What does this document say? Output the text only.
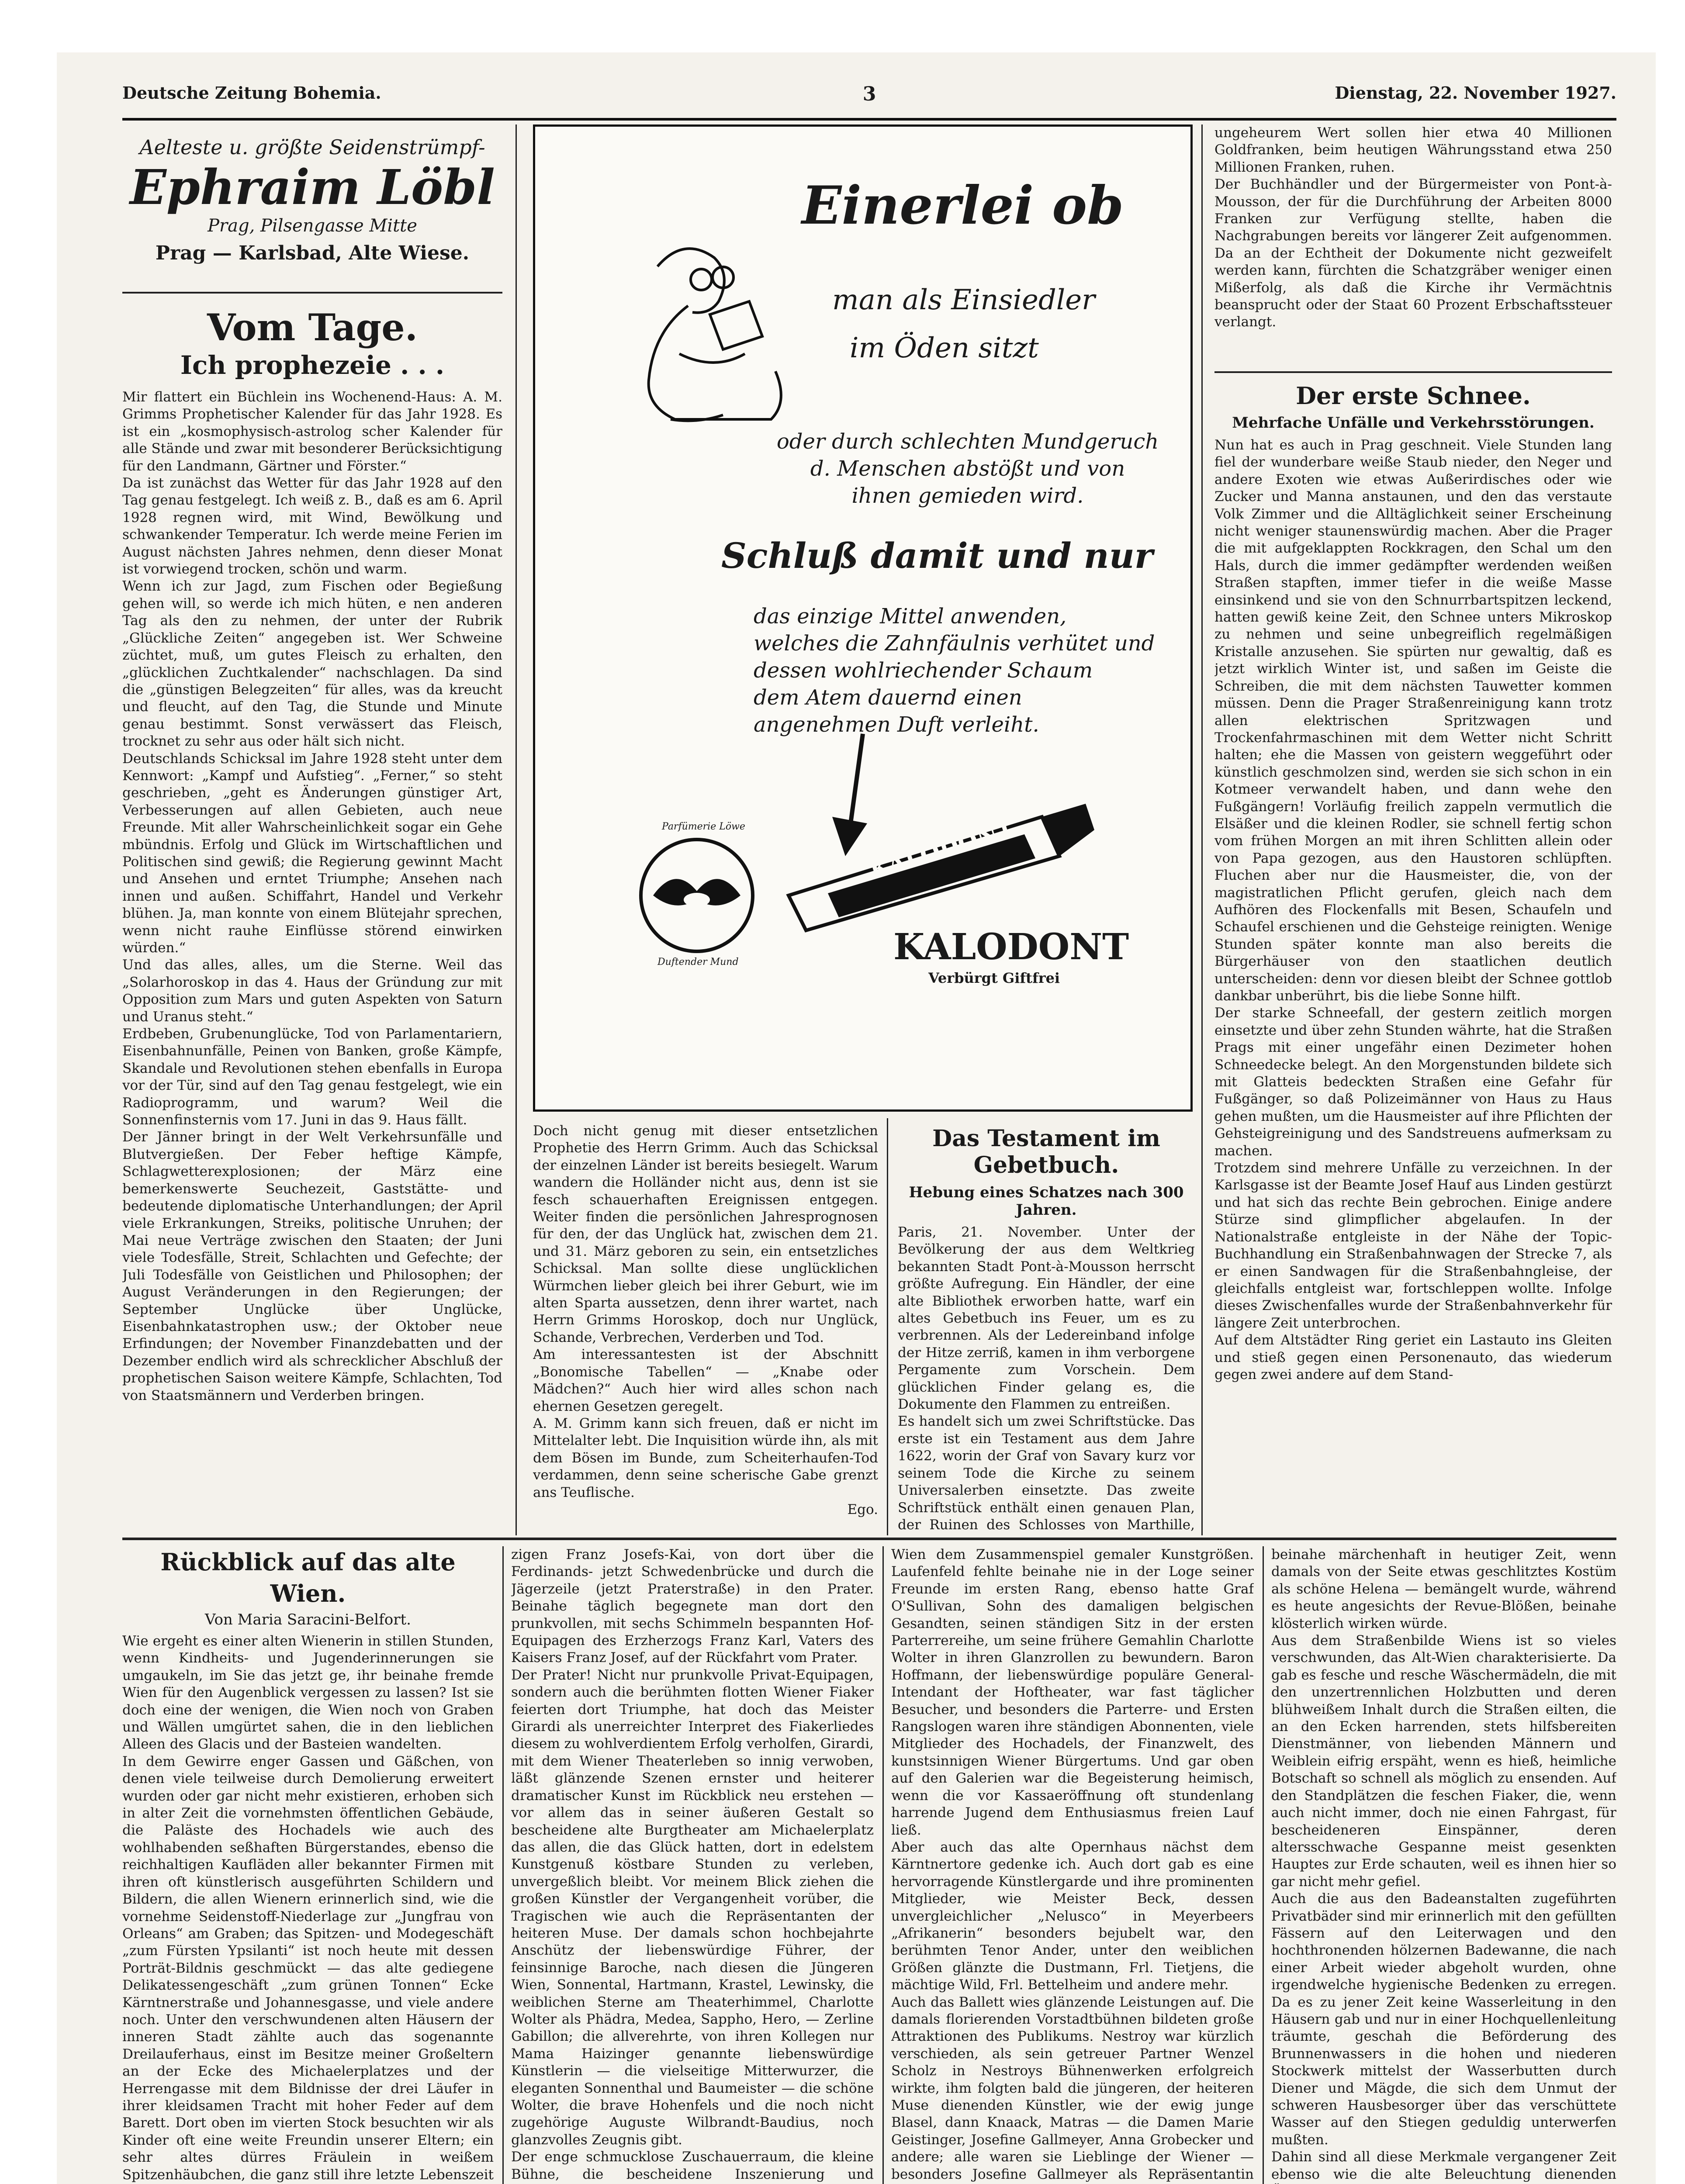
Deutsche Zeitung Bohemia.	3	Dienstag, 22. November 1927.
Aelteste u. größte Seidenstrümpf-
Ephraim Löbl
Prag, Pilsengasse Mitte
Prag — Karlsbad, Alte Wiese.

Vom Tage.

Ich prophezeie . . .

Mir flattert ein Büchlein ins Wochenend-Haus: A. M. Grimms Prophetischer Kalender für das Jahr 1928. Es ist ein „kosmophysisch-astrolog scher Kalender für alle Stände und zwar mit besonderer Berücksichtigung für den Landmann, Gärtner und Förster.“
Da ist zunächst das Wetter für das Jahr 1928 auf den Tag genau festgelegt. Ich weiß z. B., daß es am 6. April 1928 regnen wird, mit Wind, Bewölkung und schwankender Temperatur. Ich werde meine Ferien im August nächsten Jahres nehmen, denn dieser Monat ist vorwiegend trocken, schön und warm.
Wenn ich zur Jagd, zum Fischen oder Begießung gehen will, so werde ich mich hüten, e nen anderen Tag als den zu nehmen, der unter der Rubrik „Glückliche Zeiten“ angegeben ist. Wer Schweine züchtet, muß, um gutes Fleisch zu erhalten, den „glücklichen Zuchtkalender“ nachschlagen. Da sind die „günstigen Belegzeiten“ für alles, was da kreucht und fleucht, auf den Tag, die Stunde und Minute genau bestimmt. Sonst verwässert das Fleisch, trocknet zu sehr aus oder hält sich nicht.
Deutschlands Schicksal im Jahre 1928 steht unter dem Kennwort: „Kampf und Aufstieg“. „Ferner,“ so steht geschrieben, „geht es Änderungen günstiger Art, Verbesserungen auf allen Gebieten, auch neue Freunde. Mit aller Wahrscheinlichkeit sogar ein Gehe mbündnis. Erfolg und Glück im Wirtschaftlichen und Politischen sind gewiß; die Regierung gewinnt Macht und Ansehen und erntet Triumphe; Ansehen nach innen und außen. Schiffahrt, Handel und Verkehr blühen. Ja, man konnte von einem Blütejahr sprechen, wenn nicht rauhe Einflüsse störend einwirken würden.“
Und das alles, alles, um die Sterne. Weil das „Solarhoroskop in das 4. Haus der Gründung zur mit Opposition zum Mars und guten Aspekten von Saturn und Uranus steht.“
Erdbeben, Grubenunglücke, Tod von Parlamentariern, Eisenbahnunfälle, Peinen von Banken, große Kämpfe, Skandale und Revolutionen stehen ebenfalls in Europa vor der Tür, sind auf den Tag genau festgelegt, wie ein Radioprogramm, und warum? Weil die Sonnenfinsternis vom 17. Juni in das 9. Haus fällt.
Der Jänner bringt in der Welt Verkehrsunfälle und Blutvergießen. Der Feber heftige Kämpfe, Schlagwetterexplosionen; der März eine bemerkenswerte Seuchezeit, Gaststätte- und bedeutende diplomatische Unterhandlungen; der April viele Erkrankungen, Streiks, politische Unruhen; der Mai neue Verträge zwischen den Staaten; der Juni viele Todesfälle, Streit, Schlachten und Gefechte; der Juli Todesfälle von Geistlichen und Philosophen; der August Veränderungen in den Regierungen; der September Unglücke über Unglücke, Eisenbahnkatastrophen usw.; der Oktober neue Erfindungen; der November Finanzdebatten und der Dezember endlich wird als schrecklicher Abschluß der prophetischen Saison weitere Kämpfe, Schlachten, Tod von Staatsmännern und Verderben bringen.

Einerlei ob
man als Einsiedler
im Öden sitzt
oder durch schlechten Mundgeruch
d. Menschen abstößt und von
ihnen gemieden wird.
Schluß damit und nur
das einzige Mittel anwenden, welches die Zahnfäulnis verhütet und
dessen wohlriechender Schaum
dem Atem dauernd einen angenehmen Duft verleiht.
Parfümerie Löwe
Duftender Mund
KALODONT
KALODONT
Verbürgt Giftfrei

Doch nicht genug mit dieser entsetzlichen Prophetie des Herrn Grimm. Auch das Schicksal der einzelnen Länder ist bereits besiegelt. Warum wandern die Holländer nicht aus, denn ist sie fesch schauerhaften Ereignissen entgegen. Weiter finden die persönlichen Jahresprognosen für den, der das Unglück hat, zwischen dem 21. und 31. März geboren zu sein, ein entsetzliches Schicksal. Man sollte diese unglücklichen Würmchen lieber gleich bei ihrer Geburt, wie im alten Sparta aussetzen, denn ihrer wartet, nach Herrn Grimms Horoskop, doch nur Unglück, Schande, Verbrechen, Verderben und Tod.
Am interessantesten ist der Abschnitt „Bonomische Tabellen“ — „Knabe oder Mädchen?“ Auch hier wird alles schon nach ehernen Gesetzen geregelt.
A. M. Grimm kann sich freuen, daß er nicht im Mittelalter lebt. Die Inquisition würde ihn, als mit dem Bösen im Bunde, zum Scheiterhaufen-Tod verdammen, denn seine scherische Gabe grenzt ans Teuflische.

Ego.

Das Testament im Gebetbuch.

Hebung eines Schatzes nach 300 Jahren.

Paris, 21. November. Unter der Bevölkerung der aus dem Weltkrieg bekannten Stadt Pont-à-Mousson herrscht größte Aufregung. Ein Händler, der eine alte Bibliothek erworben hatte, warf ein altes Gebetbuch ins Feuer, um es zu verbrennen. Als der Ledereinband infolge der Hitze zerriß, kamen in ihm verborgene Pergamente zum Vorschein. Dem glücklichen Finder gelang es, die Dokumente den Flammen zu entreißen.
Es handelt sich um zwei Schriftstücke. Das erste ist ein Testament aus dem Jahre 1622, worin der Graf von Savary kurz vor seinem Tode die Kirche zu seinem Universalerben einsetzte. Das zweite Schriftstück enthält einen genauen Plan, der Ruinen des Schlosses von Marthille,

ungeheurem Wert sollen hier etwa 40 Millionen Goldfranken, beim heutigen Währungsstand etwa 250 Millionen Franken, ruhen.
Der Buchhändler und der Bürgermeister von Pont-à-Mousson, der für die Durchführung der Arbeiten 8000 Franken zur Verfügung stellte, haben die Nachgrabungen bereits vor längerer Zeit aufgenommen. Da an der Echtheit der Dokumente nicht gezweifelt werden kann, fürchten die Schatzgräber weniger einen Mißerfolg, als daß die Kirche ihr Vermächtnis beansprucht oder der Staat 60 Prozent Erbschaftssteuer verlangt.

Der erste Schnee.

Mehrfache Unfälle und Verkehrsstörungen.

Nun hat es auch in Prag geschneit. Viele Stunden lang fiel der wunderbare weiße Staub nieder, den Neger und andere Exoten wie etwas Außerirdisches oder wie Zucker und Manna anstaunen, und den das verstaute Volk Zimmer und die Alltäglichkeit seiner Erscheinung nicht weniger staunenswürdig machen. Aber die Prager die mit aufgeklappten Rockkragen, den Schal um den Hals, durch die immer gedämpfter werdenden weißen Straßen stapften, immer tiefer in die weiße Masse einsinkend und sie von den Schnurrbartspitzen leckend, hatten gewiß keine Zeit, den Schnee unters Mikroskop zu nehmen und seine unbegreiflich regelmäßigen Kristalle anzusehen. Sie spürten nur gewaltig, daß es jetzt wirklich Winter ist, und saßen im Geiste die Schreiben, die mit dem nächsten Tauwetter kommen müssen. Denn die Prager Straßenreinigung kann trotz allen elektrischen Spritzwagen und Trockenfahrmaschinen mit dem Wetter nicht Schritt halten; ehe die Massen von geistern weggeführt oder künstlich geschmolzen sind, werden sie sich schon in ein Kotmeer verwandelt haben, und dann wehe den Fußgängern! Vorläufig freilich zappeln vermutlich die Elsäßer und die kleinen Rodler, sie schnell fertig schon vom frühen Morgen an mit ihren Schlitten allein oder von Papa gezogen, aus den Haustoren schlüpften. Fluchen aber nur die Hausmeister, die, von der magistratlichen Pflicht gerufen, gleich nach dem Aufhören des Flockenfalls mit Besen, Schaufeln und Schaufel erschienen und die Gehsteige reinigten. Wenige Stunden später konnte man also bereits die Bürgerhäuser von den staatlichen deutlich unterscheiden: denn vor diesen bleibt der Schnee gottlob dankbar unberührt, bis die liebe Sonne hilft.
Der starke Schneefall, der gestern zeitlich morgen einsetzte und über zehn Stunden währte, hat die Straßen Prags mit einer ungefähr einen Dezimeter hohen Schneedecke belegt. An den Morgenstunden bildete sich mit Glatteis bedeckten Straßen eine Gefahr für Fußgänger, so daß Polizeimänner von Haus zu Haus gehen mußten, um die Hausmeister auf ihre Pflichten der Gehsteigreinigung und des Sandstreuens aufmerksam zu machen.
Trotzdem sind mehrere Unfälle zu verzeichnen. In der Karlsgasse ist der Beamte Josef Hauf aus Linden gestürzt und hat sich das rechte Bein gebrochen. Einige andere Stürze sind glimpflicher abgelaufen. In der Nationalstraße entgleiste in der Nähe der Topic-Buchhandlung ein Straßenbahnwagen der Strecke 7, als er einen Sandwagen für die Straßenbahngleise, der gleichfalls entgleist war, fortschleppen wollte. Infolge dieses Zwischenfalles wurde der Straßenbahnverkehr für längere Zeit unterbrochen.
Auf dem Altstädter Ring geriet ein Lastauto ins Gleiten und stieß gegen einen Personenauto, das wiederum gegen zwei andere auf dem Stand-

Rückblick auf das alte Wien.

Von Maria Saracini-Belfort.

Wie ergeht es einer alten Wienerin in stillen Stunden, wenn Kindheits- und Jugenderinnerungen sie umgaukeln, im Sie das jetzt ge, ihr beinahe fremde Wien für den Augenblick vergessen zu lassen? Ist sie doch eine der wenigen, die Wien noch von Graben und Wällen umgürtet sahen, die in den lieblichen Alleen des Glacis und der Basteien wandelten.
In dem Gewirre enger Gassen und Gäßchen, von denen viele teilweise durch Demolierung erweitert wurden oder gar nicht mehr existieren, erhoben sich in alter Zeit die vornehmsten öffentlichen Gebäude, die Paläste des Hochadels wie auch des wohlhabenden seßhaften Bürgerstandes, ebenso die reichhaltigen Kaufläden aller bekannter Firmen mit ihren oft künstlerisch ausgeführten Schildern und Bildern, die allen Wienern erinnerlich sind, wie die vornehme Seidenstoff-Niederlage zur „Jungfrau von Orleans“ am Graben; das Spitzen- und Modegeschäft „zum Fürsten Ypsilanti“ ist noch heute mit dessen Porträt-Bildnis geschmückt — das alte gediegene Delikatessengeschäft „zum grünen Tonnen“ Ecke Kärntnerstraße und Johannesgasse, und viele andere noch. Unter den verschwundenen alten Häusern der inneren Stadt zählte auch das sogenannte Dreilauferhaus, einst im Besitze meiner Großeltern an der Ecke des Michaelerplatzes und der Herrengasse mit dem Bildnisse der drei Läufer in ihrer kleidsamen Tracht mit hoher Feder auf dem Barett. Dort oben im vierten Stock besuchten wir als Kinder oft eine weite Freundin unserer Eltern; ein sehr altes dürres Fräulein in weißem Spitzenhäubchen, die ganz still ihre letzte Lebenszeit

zigen Franz Josefs-Kai, von dort über die Ferdinands- jetzt Schwedenbrücke und durch die Jägerzeile (jetzt Praterstraße) in den Prater. Beinahe täglich begegnete man dort den prunkvollen, mit sechs Schimmeln bespannten Hof-Equipagen des Erzherzogs Franz Karl, Vaters des Kaisers Franz Josef, auf der Rückfahrt vom Prater.
Der Prater! Nicht nur prunkvolle Privat-Equipagen, sondern auch die berühmten flotten Wiener Fiaker feierten dort Triumphe, hat doch das Meister Girardi als unerreichter Interpret des Fiakerliedes diesem zu wohlverdientem Erfolg verholfen, Girardi, mit dem Wiener Theaterleben so innig verwoben, läßt glänzende Szenen ernster und heiterer dramatischer Kunst im Rückblick neu erstehen — vor allem das in seiner äußeren Gestalt so bescheidene alte Burgtheater am Michaelerplatz das allen, die das Glück hatten, dort in edelstem Kunstgenuß köstbare Stunden zu verleben, unvergeßlich bleibt. Vor meinem Blick ziehen die großen Künstler der Vergangenheit vorüber, die Tragischen wie auch die Repräsentanten der heiteren Muse. Der damals schon hochbejahrte Anschütz der liebenswürdige Führer, der feinsinnige Baroche, nach diesen die Jüngeren Wien, Sonnental, Hartmann, Krastel, Lewinsky, die weiblichen Sterne am Theaterhimmel, Charlotte Wolter als Phädra, Medea, Sappho, Hero, — Zerline Gabillon; die allverehrte, von ihren Kollegen nur Mama Haizinger genannte liebenswürdige Künstlerin — die vielseitige Mitterwurzer, die eleganten Sonnenthal und Baumeister — die schöne Wolter, die brave Hohenfels und die noch nicht zugehörige Auguste Wilbrandt-Baudius, noch glanzvolles Zeugnis gibt.
Der enge schmucklose Zuschauerraum, die kleine Bühne, die bescheidene Inszenierung und

Wien dem Zusammenspiel gemaler Kunstgrößen. Laufenfeld fehlte beinahe nie in der Loge seiner Freunde im ersten Rang, ebenso hatte Graf O'Sullivan, Sohn des damaligen belgischen Gesandten, seinen ständigen Sitz in der ersten Parterrereihe, um seine frühere Gemahlin Charlotte Wolter in ihren Glanzrollen zu bewundern. Baron Hoffmann, der liebenswürdige populäre General-Intendant der Hoftheater, war fast täglicher Besucher, und besonders die Parterre- und Ersten Rangslogen waren ihre ständigen Abonnenten, viele Mitglieder des Hochadels, der Finanzwelt, des kunstsinnigen Wiener Bürgertums. Und gar oben auf den Galerien war die Begeisterung heimisch, wenn die vor Kassaeröffnung oft stundenlang harrende Jugend dem Enthusiasmus freien Lauf ließ.
Aber auch das alte Opernhaus nächst dem Kärntnertore gedenke ich. Auch dort gab es eine hervorragende Künstlergarde und ihre prominenten Mitglieder, wie Meister Beck, dessen unvergleichlicher „Nelusco“ in Meyerbeers „Afrikanerin“ besonders bejubelt war, den berühmten Tenor Ander, unter den weiblichen Größen glänzte die Dustmann, Frl. Tietjens, die mächtige Wild, Frl. Bettelheim und andere mehr.
Auch das Ballett wies glänzende Leistungen auf. Die damals florierenden Vorstadtbühnen bildeten große Attraktionen des Publikums. Nestroy war kürzlich verschieden, als sein getreuer Partner Wenzel Scholz in Nestroys Bühnenwerken erfolgreich wirkte, ihm folgten bald die jüngeren, der heiteren Muse dienenden Künstler, wie der ewig junge Blasel, dann Knaack, Matras — die Damen Marie Geistinger, Josefine Gallmeyer, Anna Grobecker und andere; alle waren sie Lieblinge der Wiener — besonders Josefine Gallmeyer als Repräsentantin

beinahe märchenhaft in heutiger Zeit, wenn damals von der Seite etwas geschlitztes Kostüm als schöne Helena — bemängelt wurde, während es heute angesichts der Revue-Blößen, beinahe klösterlich wirken würde.
Aus dem Straßenbilde Wiens ist so vieles verschwunden, das Alt-Wien charakterisierte. Da gab es fesche und reschе Wäschermädeln, die mit den unzertrennlichen Holzbutten und deren blühweißem Inhalt durch die Straßen eilten, die an den Ecken harrenden, stets hilfsbereiten Dienstmänner, von liebenden Männern und Weiblein eifrig erspäht, wenn es hieß, heimliche Botschaft so schnell als möglich zu ensenden. Auf den Standplätzen die feschen Fiaker, die, wenn auch nicht immer, doch nie einen Fahrgast, für bescheideneren Einspänner, deren altersschwache Gespanne meist gesenkten Hauptes zur Erde schauten, weil es ihnen hier so gar nicht mehr gefiel.
Auch die aus den Badeanstalten zugeführten Privatbäder sind mir erinnerlich mit den gefüllten Fässern auf den Leiterwagen und den hochthronenden hölzernen Badewanne, die nach einer Arbeit wieder abgeholt wurden, ohne irgendwelche hygienische Bedenken zu erregen. Da es zu jener Zeit keine Wasserleitung in den Häusern gab und nur in einer Hochquellenleitung träumte, geschah die Beförderung des Brunnenwassers in die hohen und niederen Stockwerk mittelst der Wasserbutten durch Diener und Mägde, die sich dem Unmut der schweren Hausbesorger über das verschüttete Wasser auf den Stiegen geduldig unterwerfen mußten.
Dahin sind all diese Merkmale vergangener Zeit ebenso wie die alte Beleuchtung dienenden
